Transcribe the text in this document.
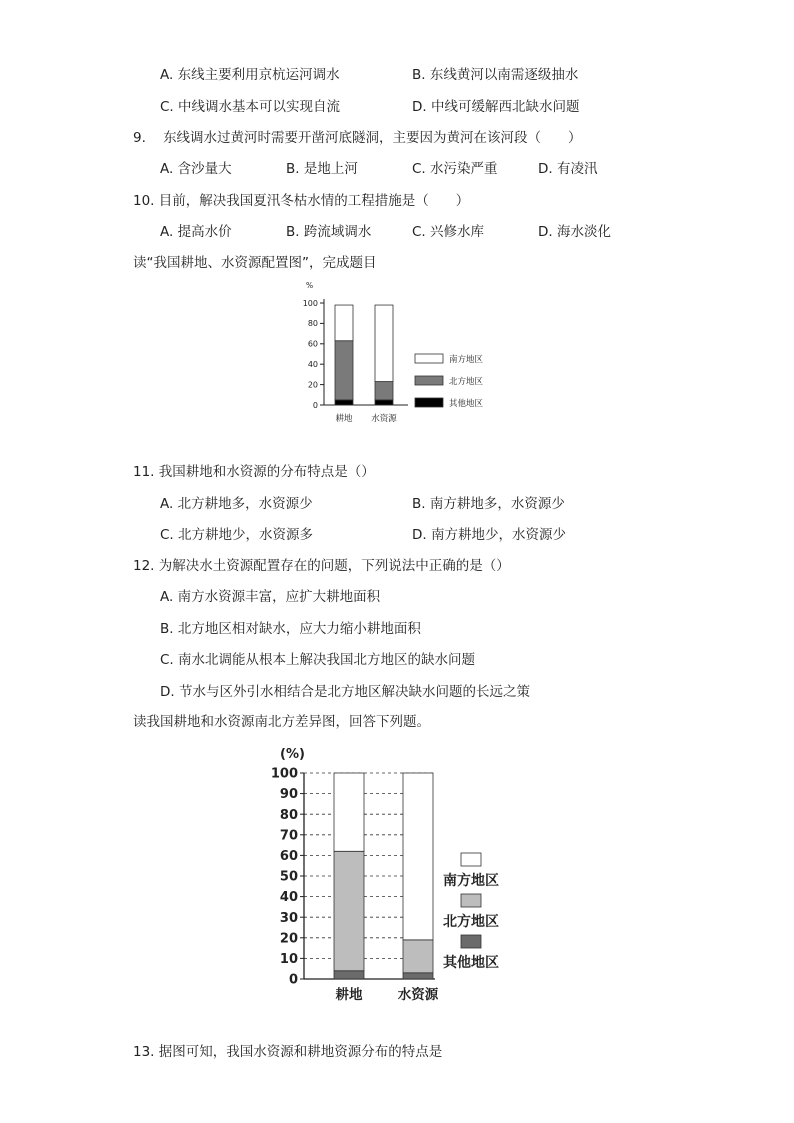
A. 东线主要利用京杭运河调水	B. 东线黄河以南需逐级抽水
C. 中线调水基本可以实现自流	D. 中线可缓解西北缺水问题
9. 东线调水过黄河时需要开凿河底隧洞，主要因为黄河在该河段（　　）
A. 含沙量大	B. 是地上河	C. 水污染严重	D. 有凌汛
10. 目前，解决我国夏汛冬枯水情的工程措施是（　　）
A. 提高水价	B. 跨流域调水	C. 兴修水库	D. 海水淡化
读“我国耕地、水资源配置图”，完成题目
%
0
20
40
60
80
100
耕地 水资源
南方地区
北方地区
其他地区
11. 我国耕地和水资源的分布特点是（）
A. 北方耕地多，水资源少	B. 南方耕地多，水资源少
C. 北方耕地少，水资源多	D. 南方耕地少，水资源少
12. 为解决水土资源配置存在的问题，下列说法中正确的是（）
A. 南方水资源丰富，应扩大耕地面积
B. 北方地区相对缺水，应大力缩小耕地面积
C. 南水北调能从根本上解决我国北方地区的缺水问题
D. 节水与区外引水相结合是北方地区解决缺水问题的长远之策
读我国耕地和水资源南北方差异图，回答下列题。
(%)
0
10
20
30
40
50
60
70
80
90
100
耕地	水资源
南方地区
北方地区
其他地区
13. 据图可知，我国水资源和耕地资源分布的特点是
